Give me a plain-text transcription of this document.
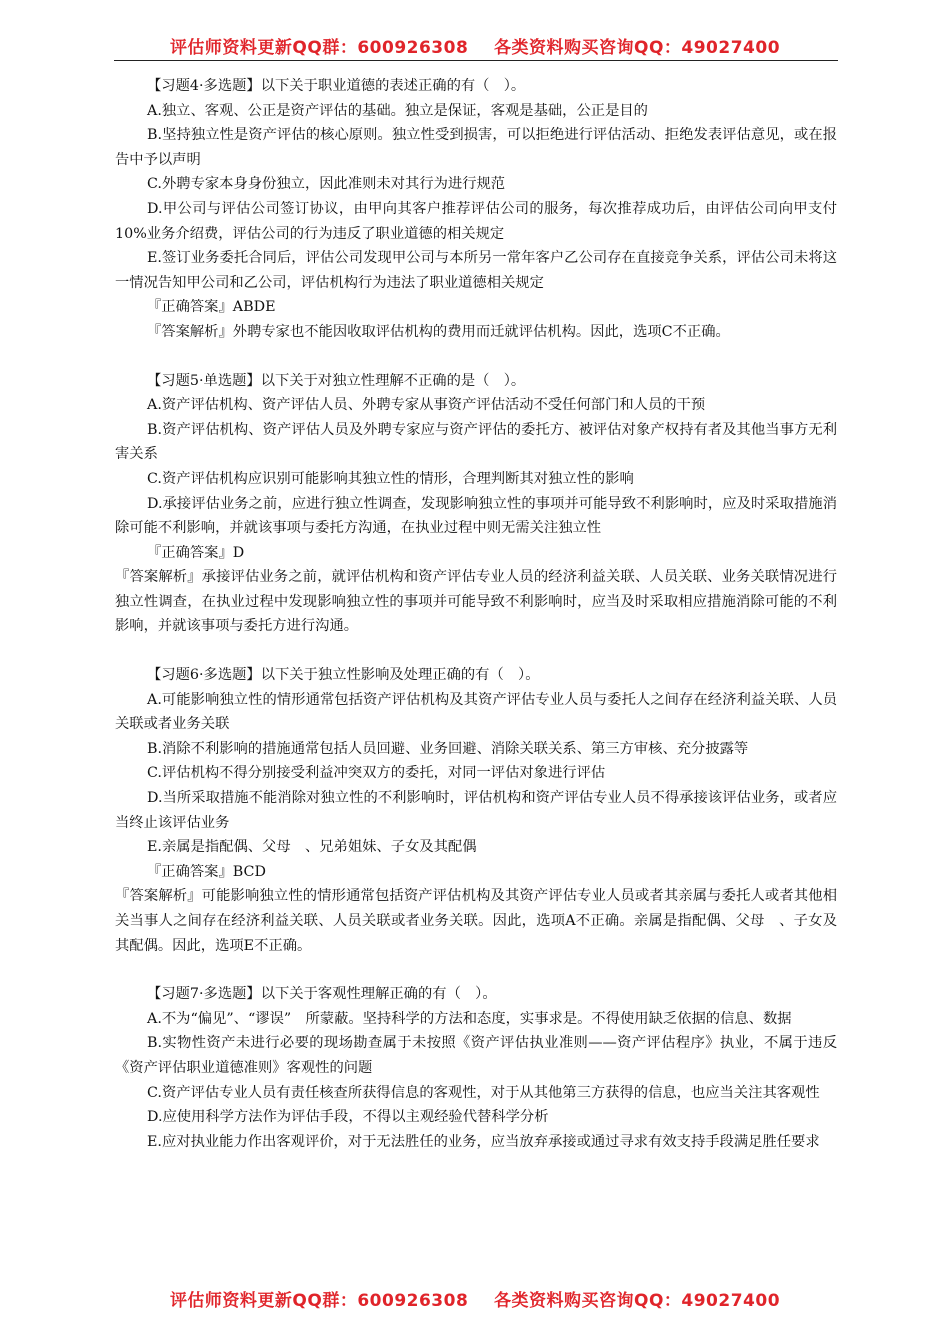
评估师资料更新QQ群：600926308 各类资料购买咨询QQ：49027400

【习题4·多选题】以下关于职业道德的表述正确的有（　）。

A.独立、客观、公正是资产评估的基础。独立是保证，客观是基础，公正是目的

B.坚持独立性是资产评估的核心原则。独立性受到损害，可以拒绝进行评估活动、拒绝发表评估意见，或在报告中予以声明

C.外聘专家本身身份独立，因此准则未对其行为进行规范

D.甲公司与评估公司签订协议，由甲向其客户推荐评估公司的服务，每次推荐成功后，由评估公司向甲支付10%业务介绍费，评估公司的行为违反了职业道德的相关规定

E.签订业务委托合同后，评估公司发现甲公司与本所另一常年客户乙公司存在直接竞争关系，评估公司未将这一情况告知甲公司和乙公司，评估机构行为违法了职业道德相关规定

『正确答案』ABDE

『答案解析』外聘专家也不能因收取评估机构的费用而迁就评估机构。因此，选项C不正确。

【习题5·单选题】以下关于对独立性理解不正确的是（　）。

A.资产评估机构、资产评估人员、外聘专家从事资产评估活动不受任何部门和人员的干预

B.资产评估机构、资产评估人员及外聘专家应与资产评估的委托方、被评估对象产权持有者及其他当事方无利害关系

C.资产评估机构应识别可能影响其独立性的情形，合理判断其对独立性的影响

D.承接评估业务之前，应进行独立性调查，发现影响独立性的事项并可能导致不利影响时，应及时采取措施消除可能不利影响，并就该事项与委托方沟通，在执业过程中则无需关注独立性

『正确答案』D

『答案解析』承接评估业务之前，就评估机构和资产评估专业人员的经济利益关联、人员关联、业务关联情况进行独立性调查，在执业过程中发现影响独立性的事项并可能导致不利影响时，应当及时采取相应措施消除可能的不利影响，并就该事项与委托方进行沟通。

【习题6·多选题】以下关于独立性影响及处理正确的有（　）。

A.可能影响独立性的情形通常包括资产评估机构及其资产评估专业人员与委托人之间存在经济利益关联、人员关联或者业务关联

B.消除不利影响的措施通常包括人员回避、业务回避、消除关联关系、第三方审核、充分披露等

C.评估机构不得分别接受利益冲突双方的委托，对同一评估对象进行评估

D.当所采取措施不能消除对独立性的不利影响时，评估机构和资产评估专业人员不得承接该评估业务，或者应当终止该评估业务

E.亲属是指配偶、父母　、兄弟姐妹、子女及其配偶

『正确答案』BCD

『答案解析』可能影响独立性的情形通常包括资产评估机构及其资产评估专业人员或者其亲属与委托人或者其他相关当事人之间存在经济利益关联、人员关联或者业务关联。因此，选项A不正确。亲属是指配偶、父母　、子女及其配偶。因此，选项E不正确。

【习题7·多选题】以下关于客观性理解正确的有（　）。

A.不为“偏见”、“谬误”　所蒙蔽。坚持科学的方法和态度，实事求是。不得使用缺乏依据的信息、数据

B.实物性资产未进行必要的现场勘查属于未按照《资产评估执业准则——资产评估程序》执业，不属于违反《资产评估职业道德准则》客观性的问题

C.资产评估专业人员有责任核查所获得信息的客观性，对于从其他第三方获得的信息，也应当关注其客观性

D.应使用科学方法作为评估手段，不得以主观经验代替科学分析

E.应对执业能力作出客观评价，对于无法胜任的业务，应当放弃承接或通过寻求有效支持手段满足胜任要求

评估师资料更新QQ群：600926308 各类资料购买咨询QQ：49027400
